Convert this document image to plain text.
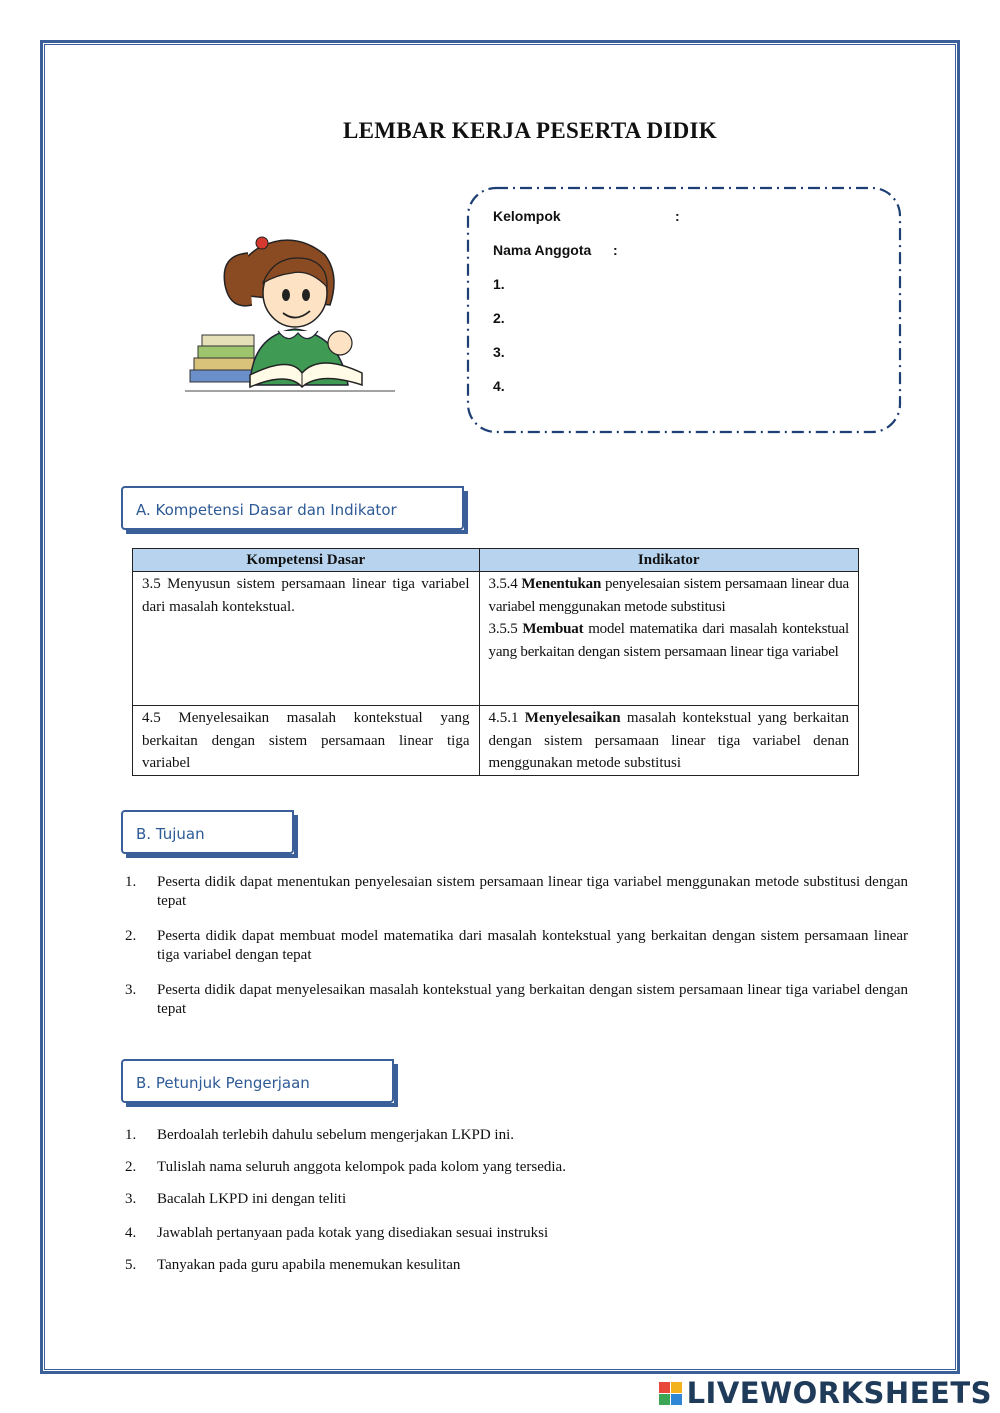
LEMBAR KERJA PESERTA DIDIK
Kelompok	:
Nama Anggota :
1.
2.
3.
4.
A. Kompetensi Dasar dan Indikator
Kompetensi Dasar	Indikator
3.5 Menyusun sistem persamaan linear tiga variabel dari masalah kontekstual.	3.5.4 Menentukan penyelesaian sistem persamaan linear dua variabel menggunakan metode substitusi
3.5.5 Membuat model matematika dari masalah kontekstual yang berkaitan dengan sistem persamaan linear tiga variabel

4.5 Menyelesaikan masalah kontekstual yang berkaitan dengan sistem persamaan linear tiga variabel	4.5.1 Menyelesaikan masalah kontekstual yang berkaitan dengan sistem persamaan linear tiga variabel denan menggunakan metode substitusi
B. Tujuan
1. Peserta didik dapat menentukan penyelesaian sistem persamaan linear tiga variabel menggunakan metode substitusi dengan tepat
2. Peserta didik dapat membuat model matematika dari masalah kontekstual yang berkaitan dengan sistem persamaan linear tiga variabel dengan tepat
3. Peserta didik dapat menyelesaikan masalah kontekstual yang berkaitan dengan sistem persamaan linear tiga variabel dengan tepat
B. Petunjuk Pengerjaan
1. Berdoalah terlebih dahulu sebelum mengerjakan LKPD ini.
2. Tulislah nama seluruh anggota kelompok pada kolom yang tersedia.
3. Bacalah LKPD ini dengan teliti
4. Jawablah pertanyaan pada kotak yang disediakan sesuai instruksi
5. Tanyakan pada guru apabila menemukan kesulitan
LIVEWORKSHEETS
